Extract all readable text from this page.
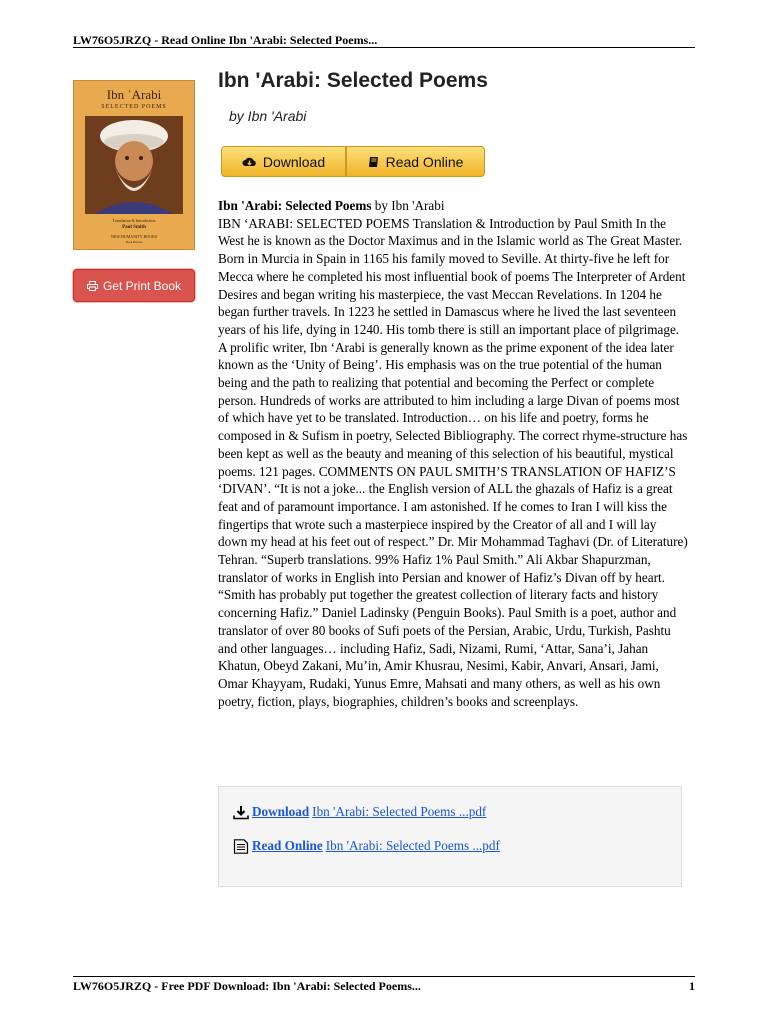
LW76O5JRZQ - Read Online Ibn 'Arabi: Selected Poems...
Ibn ʿArabi
SELECTED POEMS
Translation & Introduction
Paul Smith
NEW HUMANITY BOOKS
Book Heaven
Get Print Book
Ibn 'Arabi: Selected Poems
by Ibn 'Arabi
Download	Read Online
Ibn 'Arabi: Selected Poems by Ibn 'Arabi
IBN ‘ARABI: SELECTED POEMS Translation & Introduction by Paul Smith In the West he is known as the Doctor Maximus and in the Islamic world as The Great Master. Born in Murcia in Spain in 1165 his family moved to Seville. At thirty-five he left for Mecca where he completed his most influential book of poems The Interpreter of Ardent Desires and began writing his masterpiece, the vast Meccan Revelations. In 1204 he began further travels. In 1223 he settled in Damascus where he lived the last seventeen years of his life, dying in 1240. His tomb there is still an important place of pilgrimage. A prolific writer, Ibn ‘Arabi is generally known as the prime exponent of the idea later known as the ‘Unity of Being’. His emphasis was on the true potential of the human being and the path to realizing that potential and becoming the Perfect or complete person. Hundreds of works are attributed to him including a large Divan of poems most of which have yet to be translated. Introduction… on his life and poetry, forms he composed in & Sufism in poetry, Selected Bibliography. The correct rhyme-structure has been kept as well as the beauty and meaning of this selection of his beautiful, mystical poems. 121 pages. COMMENTS ON PAUL SMITH’S TRANSLATION OF HAFIZ’S ‘DIVAN’. “It is not a joke... the English version of ALL the ghazals of Hafiz is a great feat and of paramount importance. I am astonished. If he comes to Iran I will kiss the fingertips that wrote such a masterpiece inspired by the Creator of all and I will lay down my head at his feet out of respect.” Dr. Mir Mohammad Taghavi (Dr. of Literature) Tehran. “Superb translations. 99% Hafiz 1% Paul Smith.” Ali Akbar Shapurzman, translator of works in English into Persian and knower of Hafiz’s Divan off by heart. “Smith has probably put together the greatest collection of literary facts and history concerning Hafiz.” Daniel Ladinsky (Penguin Books). Paul Smith is a poet, author and translator of over 80 books of Sufi poets of the Persian, Arabic, Urdu, Turkish, Pashtu and other languages… including Hafiz, Sadi, Nizami, Rumi, ‘Attar, Sana’i, Jahan Khatun, Obeyd Zakani, Mu’in, Amir Khusrau, Nesimi, Kabir, Anvari, Ansari, Jami, Omar Khayyam, Rudaki, Yunus Emre, Mahsati and many others, as well as his own poetry, fiction, plays, biographies, children’s books and screenplays.
Download Ibn 'Arabi: Selected Poems ...pdf
Read Online Ibn 'Arabi: Selected Poems ...pdf
LW76O5JRZQ - Free PDF Download: Ibn 'Arabi: Selected Poems...	1
